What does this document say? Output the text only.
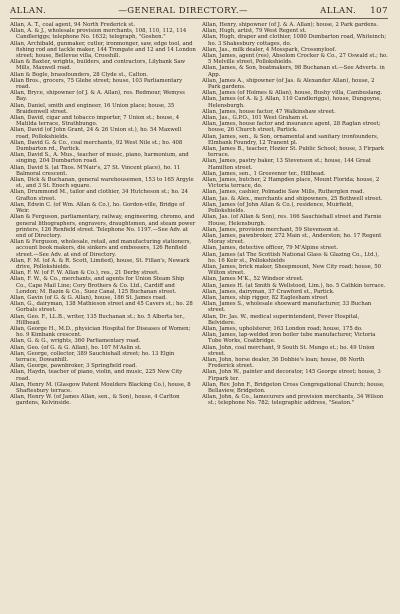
ALLAN.	—GENERAL DIRECTORY.—	ALLAN. 107

Allan, A. T., coal agent, 94 North Frederick st.

Allan, A. & J., wholesale provision merchants, 108, 110, 112, 114 Candleriggs; telephone No. 1632; telegraph, "Goshen."

Allan, Archibald, gunmaker, cutler, ironmonger, saw, edge tool, and fishing rod and tackle maker, 144 Trongate and 12 and 14 London street; house, Bellevue villa, Crosshill.

Allan & Baxter, wrights, builders, and contractors, Lilybank Saw Mills, Maxwell road.

Allan & Bogle, brassfounders, 28 Clyde st., Calton.

Allan Bros., grocers, 75 Glebe street; house, 103 Parliamentary road.

Allan, Bryce, shipowner (of J. & A. Allan), res. Redmour, Wemyss Bay.

Allan, Daniel, smith and engineer, 16 Union place; house, 35 Braidenwell street.

Allan, David, cigar and tobacco importer, 7 Union st.; house, 4 Matilda terrace, Strathbungo.

Allan, David (of John Grant, 24 & 26 Union st.), ho. 54 Maxwell road, Pollokshields.

Allan, David G. & Co., coal merchants, 92 West Nile st.; ho. 408 Dumbarton rd., Partick.

Allan, David S., A. Mus., teacher of music, piano, harmonium, and singing, 204 Dumbarton road.

Allan, David S. (at Thos. M'Nair's, 27 St. Vincent place), ho. 11 Balmoral crescent.

Allan, Dick & Buchanan, general warehousemen, 153 to 165 Argyle st., and 3 St. Enoch square.

Allan, Drummond M., tailor and clothier, 34 Hutcheson st.; ho. 24 Grafton street.

Allan, Edwin C. (of Wm. Allan & Co.), ho. Gordon-ville, Bridge of Weir.

Allan & Ferguson, parliamentary, railway, engineering, chromo, and general lithographers, engravers, draughtsmen, and steam power printers, 126 Renfield street. Telephone No. 1197.—See Adv. at end of Directory.

Allan & Ferguson, wholesale, retail, and manufacturing stationers, account book makers, die sinkers and embossers, 126 Renfield street.—See Adv. at end of Directory.

Allan, F. M. (of A. & R. Scott, Limited), house, St. Fillan's, Newark drive, Pollokshields.

Allan, F. W. (of F. W. Allan & Co.), res., 21 Derby street.

Allan, F. W., & Co., merchants, and agents for Union Steam Ship Co., Cape Mail Line; Cory Brothers & Co. Ltd., Cardiff and London; M. Bazin & Co., Suez Canal, 125 Buchanan street.

Allan, Gavin (of G. & G. Allan), house, 186 St. James road.

Allan, G., dairyman, 138 Mathieson street and 45 Cavers st.; ho. 28 Gorbals street.

Allan, Geo. F., LL.B., writer, 135 Buchanan st.; ho. 5 Alberta ter., Hillhead.

Allan, George H., M.D., physician Hospital for Diseases of Women; ho. 9 Kimbank crescent.

Allan, G. & G., wrights, 360 Parliamentary road.

Allan, Geo. (of G. & G. Allan), ho. 107 M'Aslin st.

Allan, George, collector, 389 Sauchiehall street; ho. 13 Elgin terrace, Dowanhill.

Allan, George, pawnbroker, 3 Springfield road.

Allan, Haydn, teacher of piano, violin, and music, 225 New City road.

Allan, Henry M. (Glasgow Patent Moulders Blacking Co.), house, 8 Shaftesbury terrace.

Allan, Henry W. (of James Allan, sen., & Son), house, 4 Carlton gardens, Kelvinside.

Allan, Henry, shipowner (of J. & A. Allan); house, 2 Park gardens.

Allan, Hugh, artist, 79 West Regent st.

Allan, Hugh, draper and clothier, 1080 Dumbarton road, Whiteinch; ho. 3 Shakesbury cottages, do.

Allan, Jas., milk dealer, 4 Mosspark, Crossmyloof.

Allan, James, agent (res), Absolom Crocker & Co., 27 Oswald st.; ho. 5 Melville street, Pollokshields.

Allan, James, & Son, boatmakers, 98 Buchanan st.—See Adverts. in App.

Allan, James A., shipowner (of Jas. & Alexander Allan), house, 2 Park gardens.

Allan, James (of Holmes & Allan), house, Bushy villa, Cambuslang.

Allan, James (of A. & J. Allan, 110 Candleriggs), house, Dungoyne, Helensburgh.

Allan, James, house factor, 47 Walkinshaw street.

Allan, Jas., G.P.O., 101 West Graham st.

Allan, James, house factor and insurance agent, 28 Raglan street; house, 26 Church street, Partick.

Allan, James, sen., & Son, ornamental and sanitary ironfounders, Elmbank Foundry, 12 Tranent pl.

Allan, James B., teacher, Hozier St. Public School; house, 3 Firpark terrace.

Allan, James, pastry baker, 13 Stevenson st.; house, 144 Great Hamilton street.

Allan, James, sen., 1 Grosvenor ter., Hillhead.

Allan, James, butcher, 2 Hampden place, Mount Florida; house, 2 Victoria terrace, do.

Allan, James, cashier, Polmadie Saw Mills, Rutherglen road.

Allan, Jas. & Alex., merchants and shipowners, 25 Bothwell street.

Allan, James (of John Allan & Co.), residence, Muirfield, Pollokshields.

Allan, Jas. (of Allan & Son), res. 166 Sauchiehall street and Farnie House, Helensburgh.

Allan, James, provision merchant, 59 Stevenson st.

Allan, James, pawnbroker, 272 Main st., Anderston; ho. 17 Regent Moray street.

Allan, James, detective officer, 79 M'Alpine street.

Allan, James (at The Scottish National Glass & Glazing Co., Ltd.), ho. 16 Keir st., Pollokshields

Allan, James, brick maker, Sheepmount, New City road; house, 50 Wilton street.

Allan, James M'K., 52 Windsor street.

Allan, James H. (at Smith & Wellstood, Lim.), ho. 5 Cathkin terrace.

Allan, James, dairyman, 37 Crawford st., Partick.

Allan, James, ship rigger, 82 Eaglesham street

Allan, James S., wholesale shoeward manufacturer, 33 Buchan street.

Allan, Dr. Jas. W., medical superintendent, Fever Hospital, Belvidere.

Allan, James, upholsterer, 163 London road; house, 175 do.

Allan, James, lap-welded iron boiler tube manufacturer, Victoria Tube Works, Coatbridge.

Allan, John, coal merchant, 9 South St. Mungo st.; ho. 49 Union street.

Allan, John, horse dealer, 36 Dobbie's loan; house, 86 North Frederick street.

Allan, John W., painter and decorator, 145 George street; house, 3 Firpark ter.

Allan, Rev. John F., Bridgeton Cross Congregational Church; house, Bellaview, Bridgeton.

Allan, John, & Co., lamecurers and provision merchants, 34 Wilson st.; telephone No. 782; telegraphic address, "Seaton."
